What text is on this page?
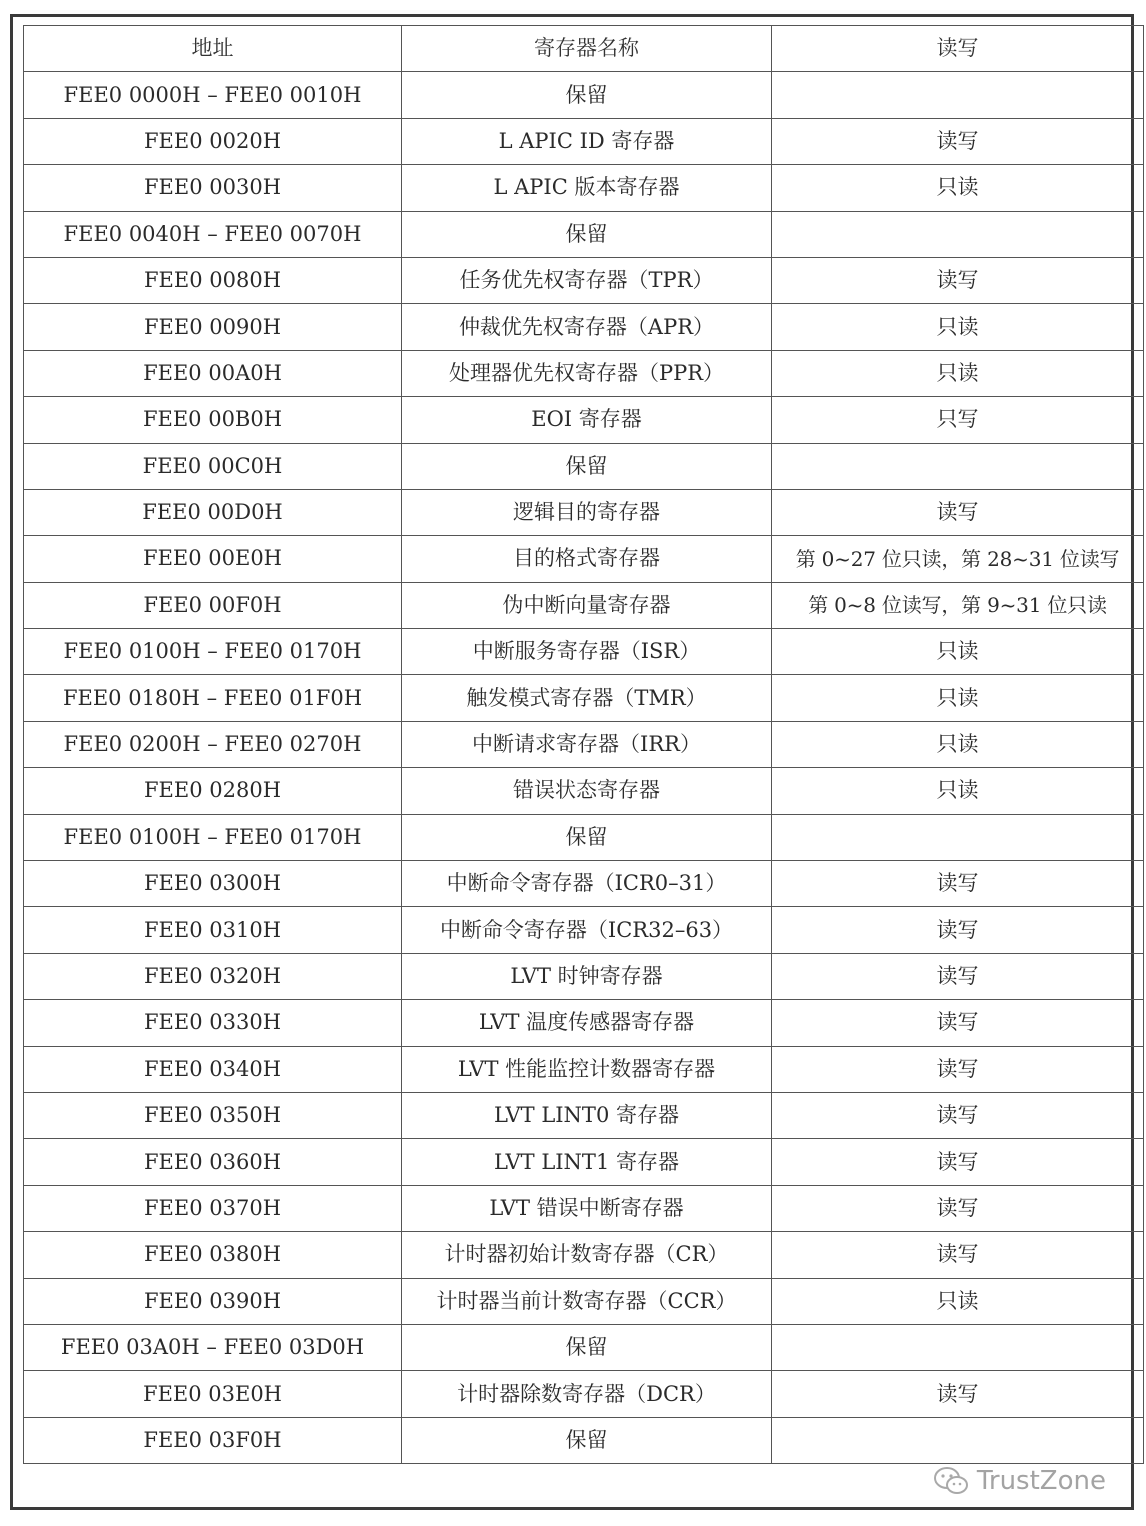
地址	寄存器名称	读写
FEE0 0000H – FEE0 0010H	保留	
FEE0 0020H	L APIC ID 寄存器	读写
FEE0 0030H	L APIC 版本寄存器	只读
FEE0 0040H – FEE0 0070H	保留	
FEE0 0080H	任务优先权寄存器（TPR）	读写
FEE0 0090H	仲裁优先权寄存器（APR）	只读
FEE0 00A0H	处理器优先权寄存器（PPR）	只读
FEE0 00B0H	EOI 寄存器	只写
FEE0 00C0H	保留	
FEE0 00D0H	逻辑目的寄存器	读写
FEE0 00E0H	目的格式寄存器	第 0~27 位只读，第 28~31 位读写
FEE0 00F0H	伪中断向量寄存器	第 0~8 位读写，第 9~31 位只读
FEE0 0100H – FEE0 0170H	中断服务寄存器（ISR）	只读
FEE0 0180H – FEE0 01F0H	触发模式寄存器（TMR）	只读
FEE0 0200H – FEE0 0270H	中断请求寄存器（IRR）	只读
FEE0 0280H	错误状态寄存器	只读
FEE0 0100H – FEE0 0170H	保留	
FEE0 0300H	中断命令寄存器（ICR0–31）	读写
FEE0 0310H	中断命令寄存器（ICR32–63）	读写
FEE0 0320H	LVT 时钟寄存器	读写
FEE0 0330H	LVT 温度传感器寄存器	读写
FEE0 0340H	LVT 性能监控计数器寄存器	读写
FEE0 0350H	LVT LINT0 寄存器	读写
FEE0 0360H	LVT LINT1 寄存器	读写
FEE0 0370H	LVT 错误中断寄存器	读写
FEE0 0380H	计时器初始计数寄存器（CR）	读写
FEE0 0390H	计时器当前计数寄存器（CCR）	只读
FEE0 03A0H – FEE0 03D0H	保留	
FEE0 03E0H	计时器除数寄存器（DCR）	读写
FEE0 03F0H	保留	
TrustZone
